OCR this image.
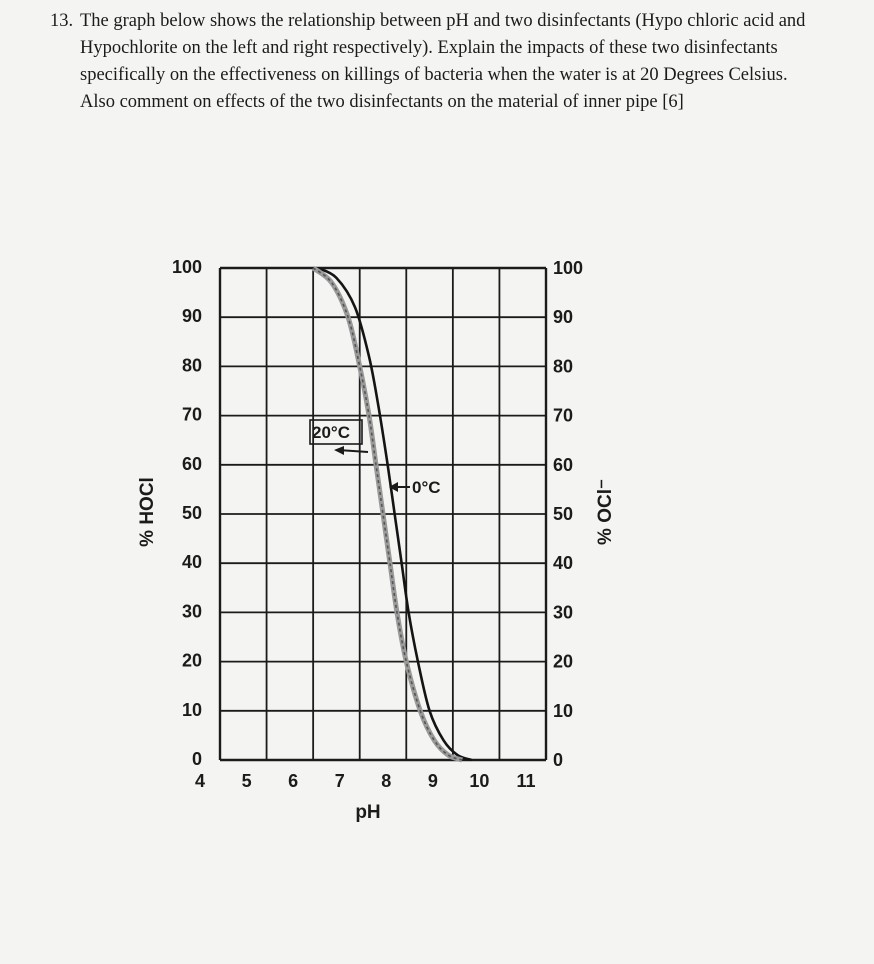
13. The graph below shows the relationship between pH and two disinfectants (Hypo chloric acid and Hypochlorite on the left and right respectively). Explain the impacts of these two disinfectants specifically on the effectiveness on killings of bacteria when the water is at 20 Degrees Celsius. Also comment on effects of the two disinfectants on the material of inner pipe [6]
4 5 6 7 8 9 10 11
0
10
20
30
40
50
60
70
80
90
100	100
90
80
70
60
50
40
30
20
10
0
pH
% HOCl	% OCl⁻
20°C
0°C
